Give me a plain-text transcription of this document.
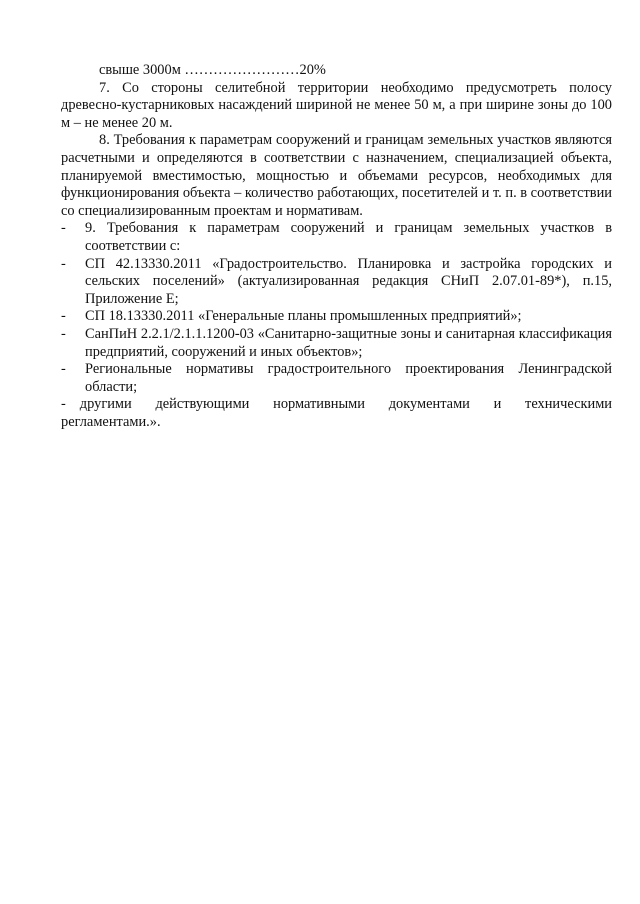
свыше 3000м ……………………20%

7. Со стороны селитебной территории необходимо предусмотреть полосу древесно-кустарниковых насаждений шириной не менее 50 м, а при ширине зоны до 100 м – не менее 20 м.

8. Требования к параметрам сооружений и границам земельных участков являются расчетными и определяются в соответствии с назначением, специализацией объекта, планируемой вместимостью, мощностью и объемами ресурсов, необходимых для функционирования объекта – количество работающих, посетителей и т. п. в соответствии со специализированным проектам и нормативам.

- 9. Требования к параметрам сооружений и границам земельных участков в соответствии с:

- СП 42.13330.2011 «Градостроительство. Планировка и застройка городских и сельских поселений» (актуализированная редакция СНиП 2.07.01-89*), п.15, Приложение Е;

- СП 18.13330.2011 «Генеральные планы промышленных предприятий»;

- СанПиН 2.2.1/2.1.1.1200-03 «Санитарно-защитные зоны и санитарная классификация предприятий, сооружений и иных объектов»;

- Региональные нормативы градостроительного проектирования Ленинградской области;

- другими действующими нормативными документами и техническими регламентами.».
